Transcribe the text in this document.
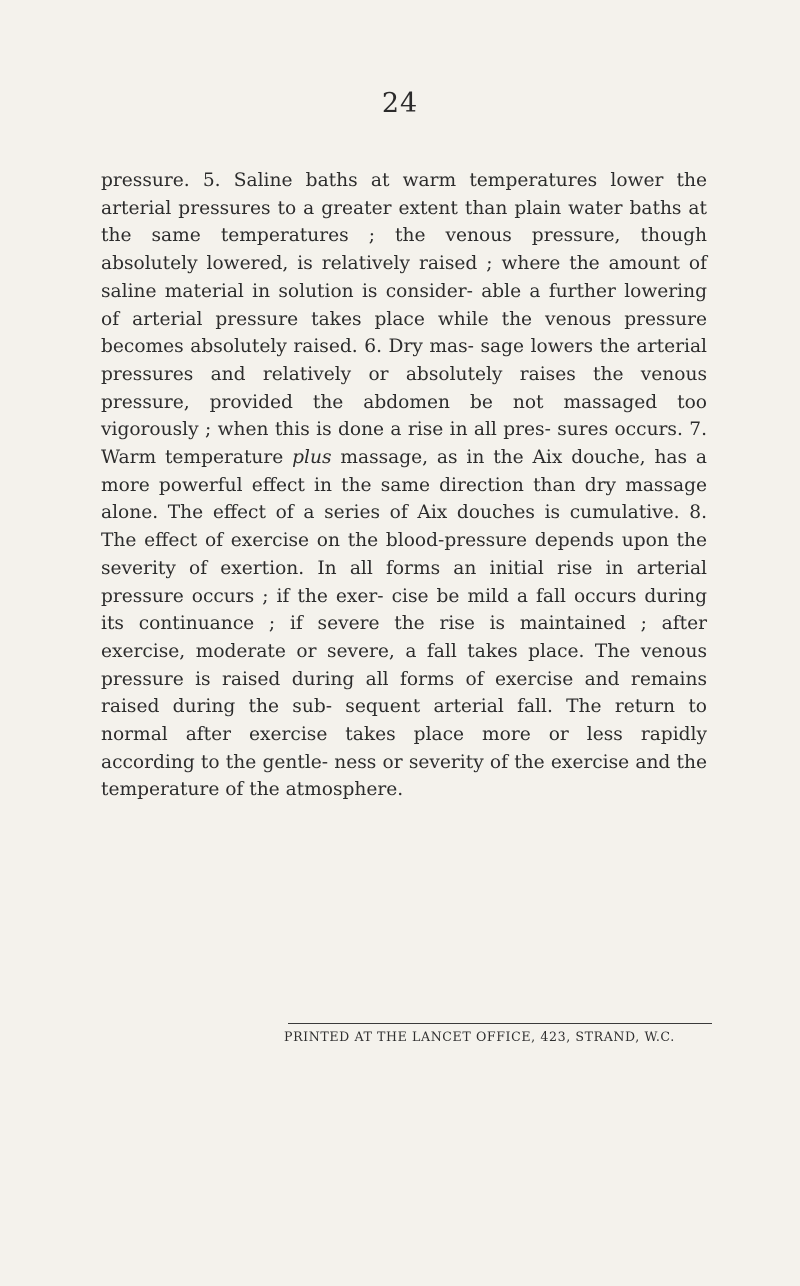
24

pressure. 5. Saline baths at warm temperatures lower the arterial pressures to a greater extent than plain water baths at the same temperatures ; the venous pressure, though absolutely lowered, is relatively raised ; where the amount of saline material in solution is consider- able a further lowering of arterial pressure takes place while the venous pressure becomes absolutely raised. 6. Dry mas- sage lowers the arterial pressures and relatively or absolutely raises the venous pressure, provided the abdomen be not massaged too vigorously ; when this is done a rise in all pres- sures occurs. 7. Warm temperature plus massage, as in the Aix douche, has a more powerful effect in the same direction than dry massage alone. The effect of a series of Aix douches is cumulative. 8. The effect of exercise on the blood-pressure depends upon the severity of exertion. In all forms an initial rise in arterial pressure occurs ; if the exer- cise be mild a fall occurs during its continuance ; if severe the rise is maintained ; after exercise, moderate or severe, a fall takes place. The venous pressure is raised during all forms of exercise and remains raised during the sub- sequent arterial fall. The return to normal after exercise takes place more or less rapidly according to the gentle- ness or severity of the exercise and the temperature of the atmosphere.

PRINTED AT THE LANCET OFFICE, 423, STRAND, W.C.
